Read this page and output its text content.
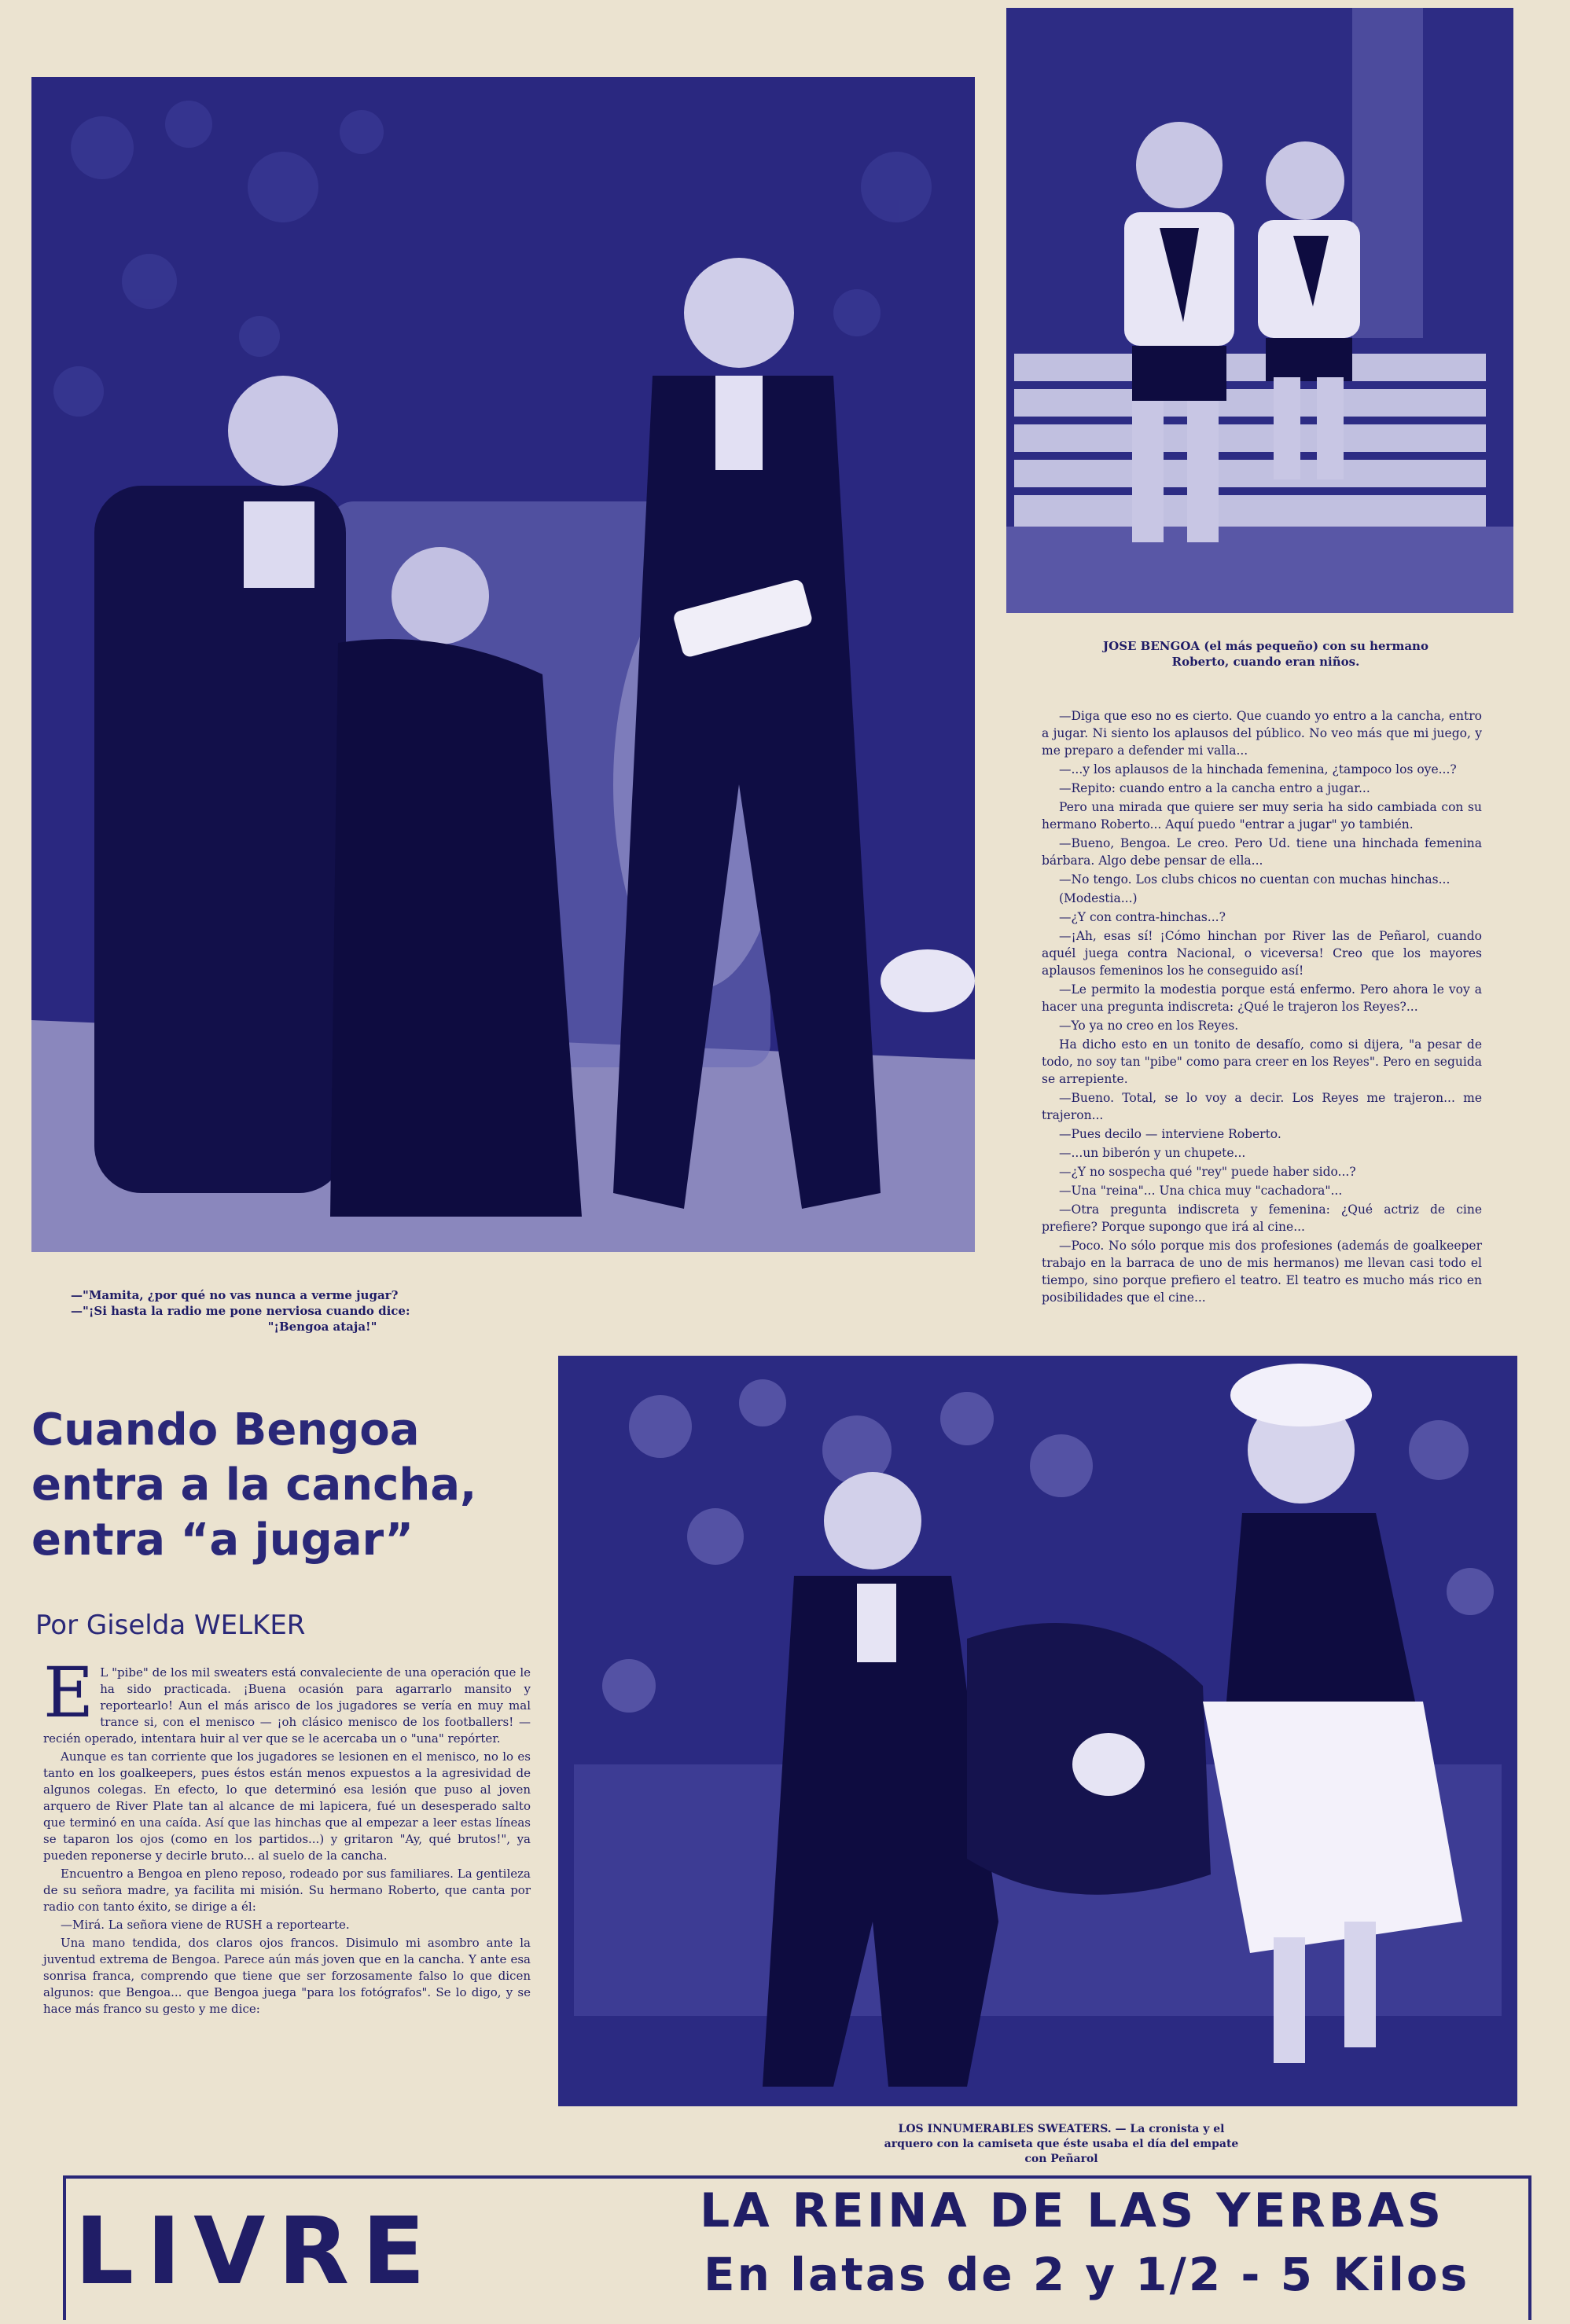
—"Mamita, ¿por qué no vas nunca a verme jugar?
—"¡Si hasta la radio me pone nerviosa cuando dice:
"¡Bengoa ataja!"
JOSE BENGOA (el más pequeño) con su hermano
Roberto, cuando eran niños.

—Diga que eso no es cierto. Que cuando yo entro a la cancha, entro a jugar. Ni siento los aplausos del público. No veo más que mi juego, y me preparo a defender mi valla...

—...y los aplausos de la hinchada femenina, ¿tampoco los oye...?

—Repito: cuando entro a la cancha entro a jugar...

Pero una mirada que quiere ser muy seria ha sido cambiada con su hermano Roberto... Aquí puedo "entrar a jugar" yo también.

—Bueno, Bengoa. Le creo. Pero Ud. tiene una hinchada femenina bárbara. Algo debe pensar de ella...

—No tengo. Los clubs chicos no cuentan con muchas hinchas...

(Modestia...)

—¿Y con contra-hinchas...?

—¡Ah, esas sí! ¡Cómo hinchan por River las de Peñarol, cuando aquél juega contra Nacional, o viceversa! Creo que los mayores aplausos femeninos los he conseguido así!

—Le permito la modestia porque está enfermo. Pero ahora le voy a hacer una pregunta indiscreta: ¿Qué le trajeron los Reyes?...

—Yo ya no creo en los Reyes.

Ha dicho esto en un tonito de desafío, como si dijera, "a pesar de todo, no soy tan "pibe" como para creer en los Reyes". Pero en seguida se arrepiente.

—Bueno. Total, se lo voy a decir. Los Reyes me trajeron... me trajeron...

—Pues decilo — interviene Roberto.

—...un biberón y un chupete...

—¿Y no sospecha qué "rey" puede haber sido...?

—Una "reina"... Una chica muy "cachadora"...

—Otra pregunta indiscreta y femenina: ¿Qué actriz de cine prefiere? Porque supongo que irá al cine...

—Poco. No sólo porque mis dos profesiones (además de goalkeeper trabajo en la barraca de uno de mis hermanos) me llevan casi todo el tiempo, sino porque prefiero el teatro. El teatro es mucho más rico en posibilidades que el cine...

Cuando Bengoa
entra a la cancha,
entra “a jugar”
Por Giselda WELKER
E L "pibe" de los mil sweaters está convaleciente de una operación que le ha sido practicada. ¡Buena ocasión para agarrarlo mansito y reportearlo! Aun el más arisco de los jugadores se vería en muy mal trance si, con el menisco — ¡oh clásico menisco de los footballers! — recién operado, intentara huir al ver que se le acercaba un o "una" repórter.

Aunque es tan corriente que los jugadores se lesionen en el menisco, no lo es tanto en los goalkeepers, pues éstos están menos expuestos a la agresividad de algunos colegas. En efecto, lo que determinó esa lesión que puso al joven arquero de River Plate tan al alcance de mi lapicera, fué un desesperado salto que terminó en una caída. Así que las hinchas que al empezar a leer estas líneas se taparon los ojos (como en los partidos...) y gritaron "Ay, qué brutos!", ya pueden reponerse y decirle bruto... al suelo de la cancha.

Encuentro a Bengoa en pleno reposo, rodeado por sus familiares. La gentileza de su señora madre, ya facilita mi misión. Su hermano Roberto, que canta por radio con tanto éxito, se dirige a él:

—Mirá. La señora viene de RUSH a reportearte.

Una mano tendida, dos claros ojos francos. Disimulo mi asombro ante la juventud extrema de Bengoa. Parece aún más joven que en la cancha. Y ante esa sonrisa franca, comprendo que tiene que ser forzosamente falso lo que dicen algunos: que Bengoa... que Bengoa juega "para los fotógrafos". Se lo digo, y se hace más franco su gesto y me dice:

LOS INNUMERABLES SWEATERS. — La cronista y el
arquero con la camiseta que éste usaba el día del empate
con Peñarol
LIVRE	LA REINA DE LAS YERBAS
En latas de 2 y 1/2 - 5 Kilos
